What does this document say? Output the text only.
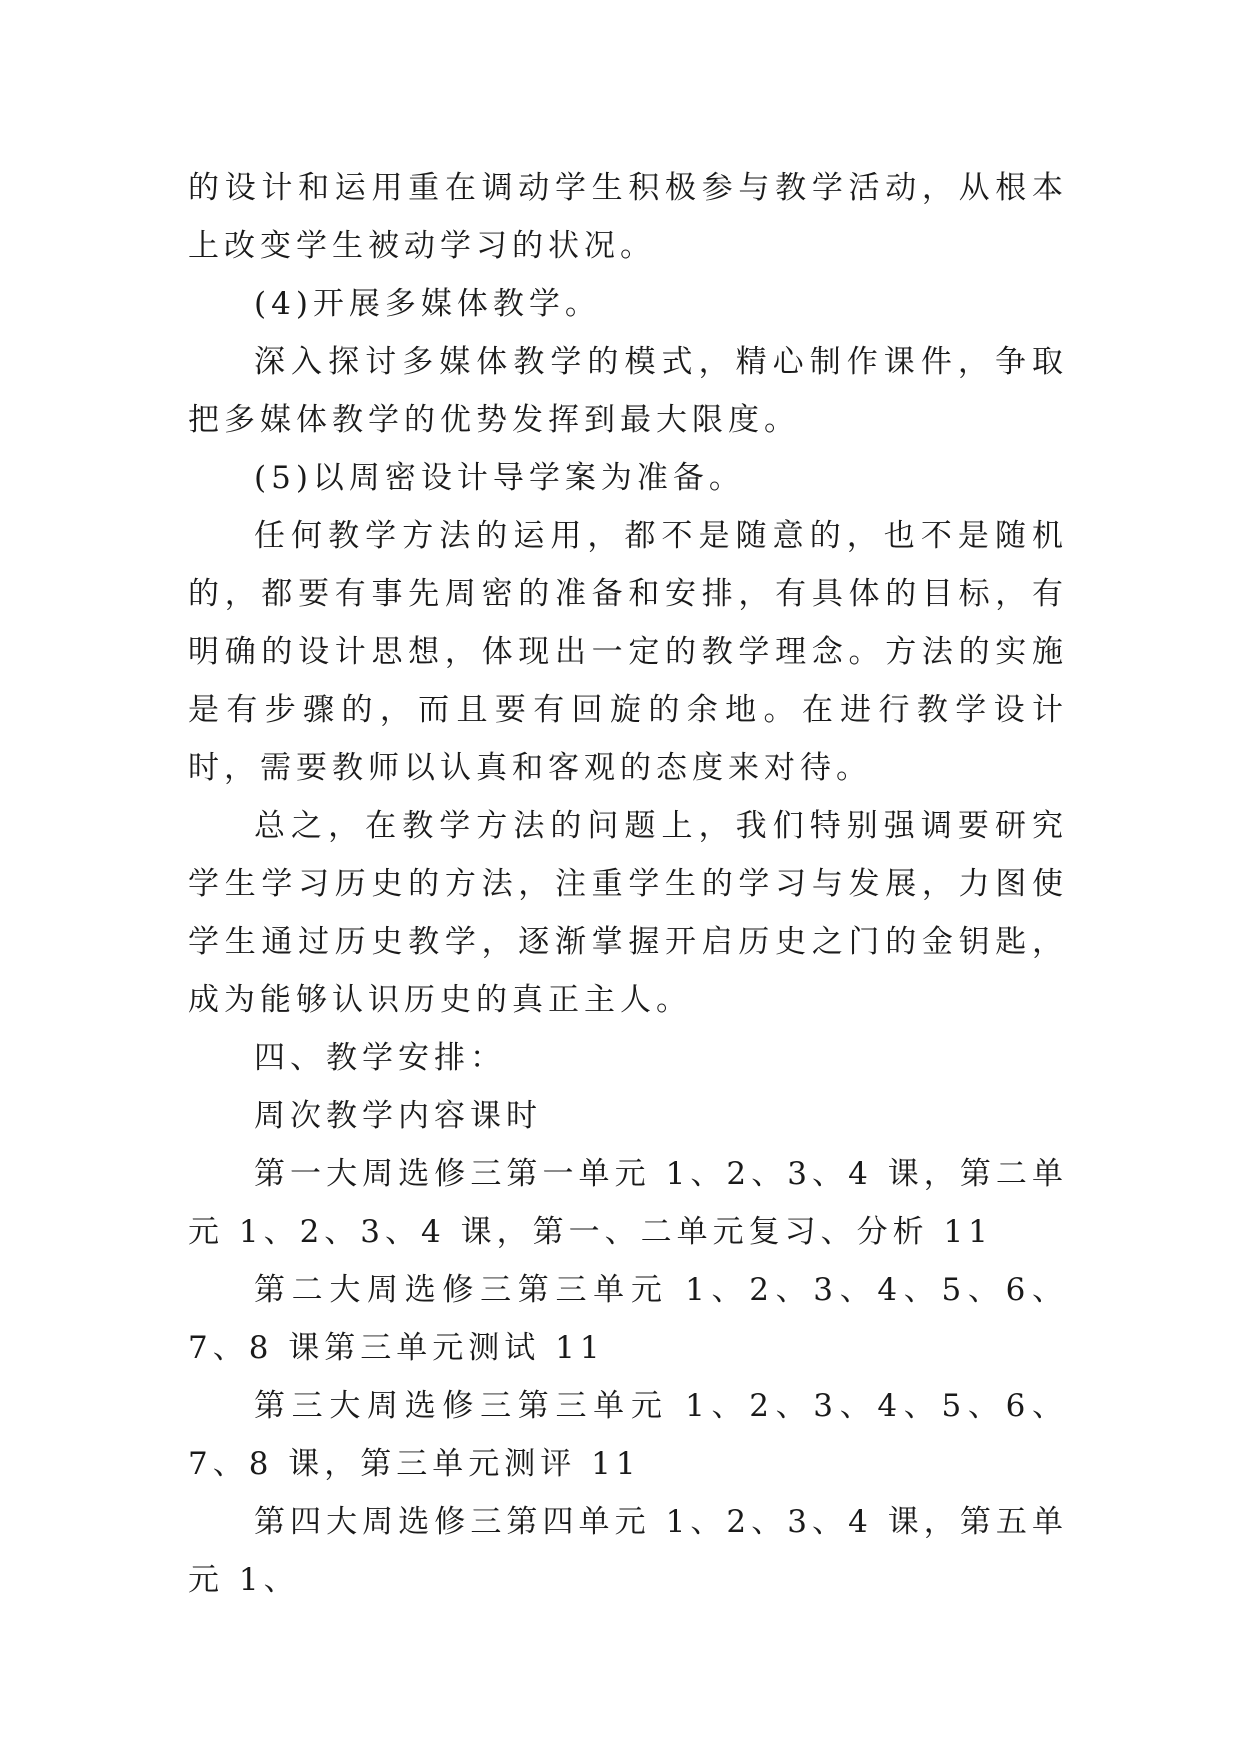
的设计和运用重在调动学生积极参与教学活动，从根本上改变学生被动学习的状况。

(4)开展多媒体教学。

深入探讨多媒体教学的模式，精心制作课件，争取把多媒体教学的优势发挥到最大限度。

(5)以周密设计导学案为准备。

任何教学方法的运用，都不是随意的，也不是随机的，都要有事先周密的准备和安排，有具体的目标，有明确的设计思想，体现出一定的教学理念。方法的实施是有步骤的，而且要有回旋的余地。在进行教学设计时，需要教师以认真和客观的态度来对待。

总之，在教学方法的问题上，我们特别强调要研究学生学习历史的方法，注重学生的学习与发展，力图使学生通过历史教学，逐渐掌握开启历史之门的金钥匙，成为能够认识历史的真正主人。

四、教学安排：

周次教学内容课时

第一大周选修三第一单元 1、2、3、4 课，第二单元 1、2、3、4 课，第一、二单元复习、分析 11

第二大周选修三第三单元 1、2、3、4、5、6、7、8 课第三单元测试 11

第三大周选修三第三单元 1、2、3、4、5、6、7、8 课，第三单元测评 11

第四大周选修三第四单元 1、2、3、4 课，第五单元 1、
